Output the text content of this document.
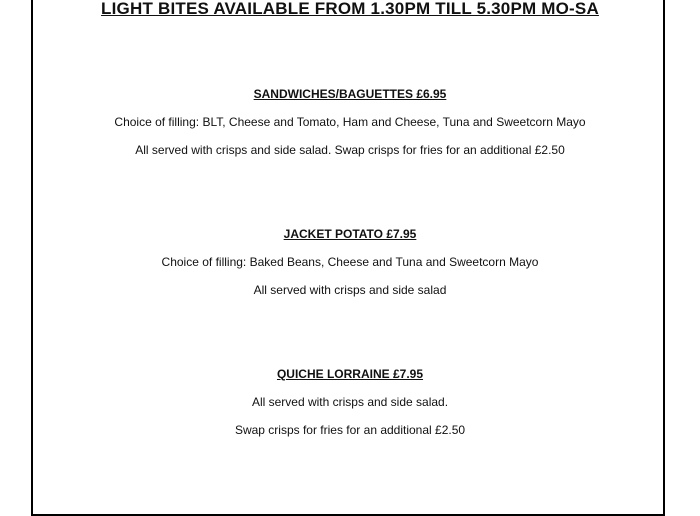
LIGHT BITES AVAILABLE FROM 1.30PM TILL 5.30PM MO-SA
SANDWICHES/BAGUETTES £6.95
Choice of filling: BLT, Cheese and Tomato, Ham and Cheese, Tuna and Sweetcorn Mayo
All served with crisps and side salad. Swap crisps for fries for an additional £2.50
JACKET POTATO £7.95
Choice of filling: Baked Beans, Cheese and Tuna and Sweetcorn Mayo
All served with crisps and side salad
QUICHE LORRAINE £7.95
All served with crisps and side salad.
Swap crisps for fries for an additional £2.50
